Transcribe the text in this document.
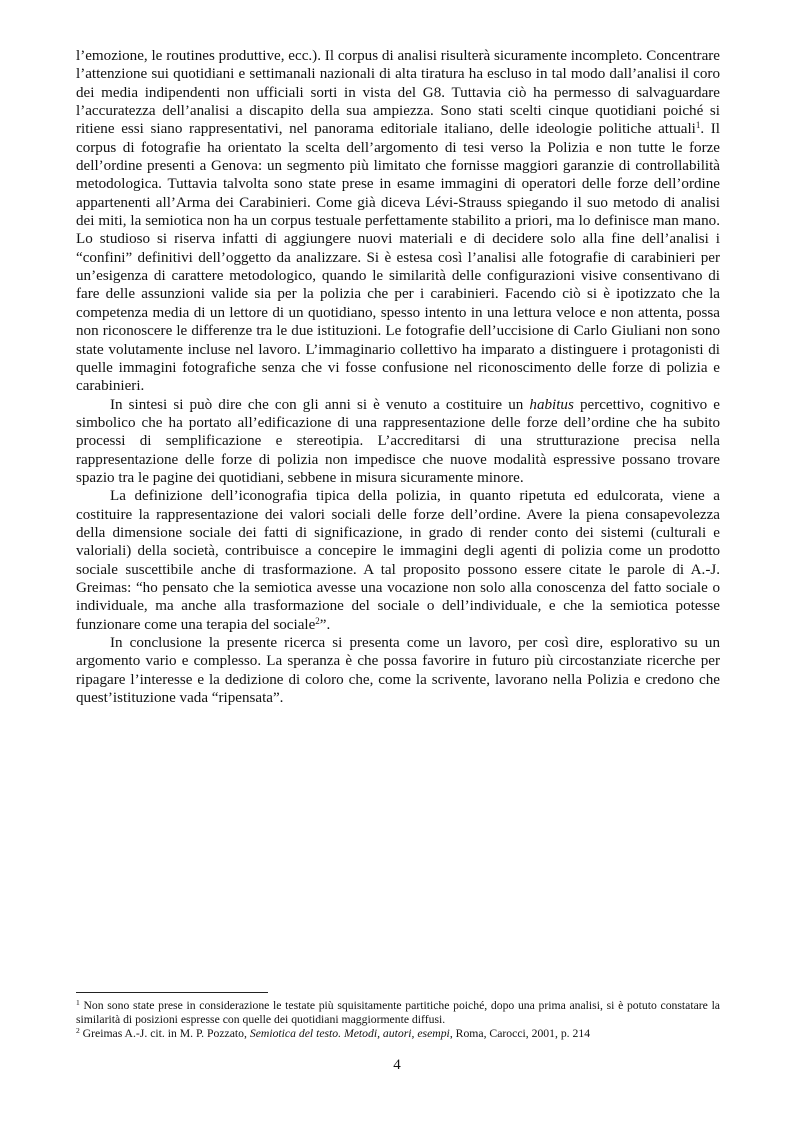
l’emozione, le routines produttive, ecc.). Il corpus di analisi risulterà sicuramente incompleto. Concentrare l’attenzione sui quotidiani e settimanali nazionali di alta tiratura ha escluso in tal modo dall’analisi il coro dei media indipendenti non ufficiali sorti in vista del G8. Tuttavia ciò ha permesso di salvaguardare l’accuratezza dell’analisi a discapito della sua ampiezza. Sono stati scelti cinque quotidiani poiché si ritiene essi siano rappresentativi, nel panorama editoriale italiano, delle ideologie politiche attuali$^1$. Il corpus di fotografie ha orientato la scelta dell’argomento di tesi verso la Polizia e non tutte le forze dell’ordine presenti a Genova: un segmento più limitato che fornisse maggiori garanzie di controllabilità metodologica. Tuttavia talvolta sono state prese in esame immagini di operatori delle forze dell’ordine appartenenti all’Arma dei Carabinieri. Come già diceva Lévi-Strauss spiegando il suo metodo di analisi dei miti, la semiotica non ha un corpus testuale perfettamente stabilito a priori, ma lo definisce man mano. Lo studioso si riserva infatti di aggiungere nuovi materiali e di decidere solo alla fine dell’analisi i “confini” definitivi dell’oggetto da analizzare. Si è estesa così l’analisi alle fotografie di carabinieri per un’esigenza di carattere metodologico, quando le similarità delle configurazioni visive consentivano di fare delle assunzioni valide sia per la polizia che per i carabinieri. Facendo ciò si è ipotizzato che la competenza media di un lettore di un quotidiano, spesso intento in una lettura veloce e non attenta, possa non riconoscere le differenze tra le due istituzioni. Le fotografie dell’uccisione di Carlo Giuliani non sono state volutamente incluse nel lavoro. L’immaginario collettivo ha imparato a distinguere i protagonisti di quelle immagini fotografiche senza che vi fosse confusione nel riconoscimento delle forze di polizia e carabinieri.

In sintesi si può dire che con gli anni si è venuto a costituire un habitus percettivo, cognitivo e simbolico che ha portato all’edificazione di una rappresentazione delle forze dell’ordine che ha subito processi di semplificazione e stereotipia. L’accreditarsi di una strutturazione precisa nella rappresentazione delle forze di polizia non impedisce che nuove modalità espressive possano trovare spazio tra le pagine dei quotidiani, sebbene in misura sicuramente minore.

La definizione dell’iconografia tipica della polizia, in quanto ripetuta ed edulcorata, viene a costituire la rappresentazione dei valori sociali delle forze dell’ordine. Avere la piena consapevolezza della dimensione sociale dei fatti di significazione, in grado di render conto dei sistemi (culturali e valoriali) della società, contribuisce a concepire le immagini degli agenti di polizia come un prodotto sociale suscettibile anche di trasformazione. A tal proposito possono essere citate le parole di A.-J. Greimas: “ho pensato che la semiotica avesse una vocazione non solo alla conoscenza del fatto sociale o individuale, ma anche alla trasformazione del sociale o dell’individuale, e che la semiotica potesse funzionare come una terapia del sociale$^2$”.

In conclusione la presente ricerca si presenta come un lavoro, per così dire, esplorativo su un argomento vario e complesso. La speranza è che possa favorire in futuro più circostanziate ricerche per ripagare l’interesse e la dedizione di coloro che, come la scrivente, lavorano nella Polizia e credono che quest’istituzione vada “ripensata”.

$^1$ Non sono state prese in considerazione le testate più squisitamente partitiche poiché, dopo una prima analisi, si è potuto constatare la similarità di posizioni espresse con quelle dei quotidiani maggiormente diffusi.

$^2$ Greimas A.-J. cit. in M. P. Pozzato, Semiotica del testo. Metodi, autori, esempi, Roma, Carocci, 2001, p. 214

4
